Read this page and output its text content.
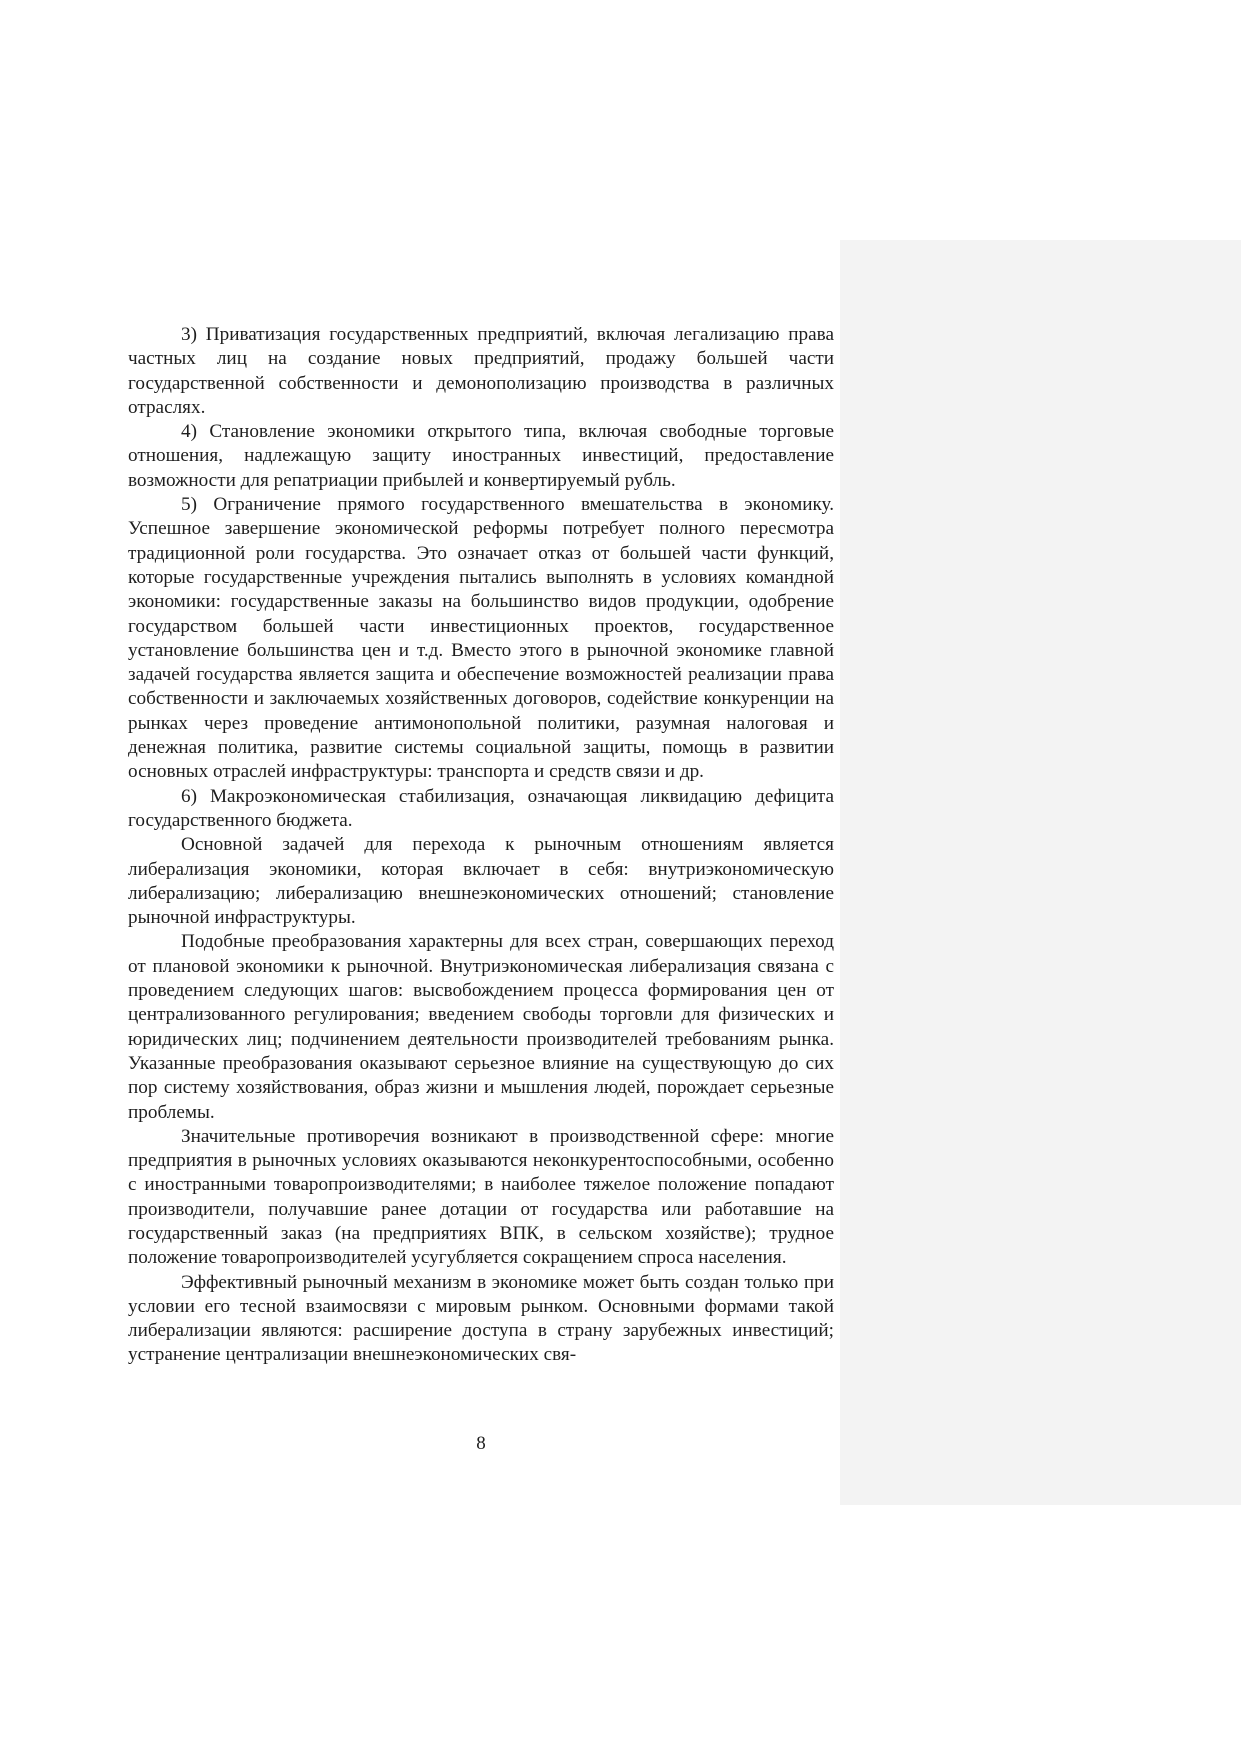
3) Приватизация государственных предприятий, включая легализацию права частных лиц на создание новых предприятий, продажу большей части государственной собственности и демонополизацию производства в различных отраслях.

4) Становление экономики открытого типа, включая свободные торговые отношения, надлежащую защиту иностранных инвестиций, предоставление возможности для репатриации прибылей и конвертируемый рубль.

5) Ограничение прямого государственного вмешательства в экономику. Успешное завершение экономической реформы потребует полного пересмотра традиционной роли государства. Это означает отказ от большей части функций, которые государственные учреждения пытались выполнять в условиях командной экономики: государственные заказы на большинство видов продукции, одобрение государством большей части инвестиционных проектов, государственное установление большинства цен и т.д. Вместо этого в рыночной экономике главной задачей государства является защита и обеспечение возможностей реализации права собственности и заключаемых хозяйственных договоров, содействие конкуренции на рынках через проведение антимонопольной политики, разумная налоговая и денежная политика, развитие системы социальной защиты, помощь в развитии основных отраслей инфраструктуры: транспорта и средств связи и др.

6) Макроэкономическая стабилизация, означающая ликвидацию дефицита государственного бюджета.

Основной задачей для перехода к рыночным отношениям является либерализация экономики, которая включает в себя: внутриэкономическую либерализацию; либерализацию внешнеэкономических отношений; становление рыночной инфраструктуры.

Подобные преобразования характерны для всех стран, совершающих переход от плановой экономики к рыночной. Внутриэкономическая либерализация связана с проведением следующих шагов: высвобождением процесса формирования цен от централизованного регулирования; введением свободы торговли для физических и юридических лиц; подчинением деятельности производителей требованиям рынка. Указанные преобразования оказывают серьезное влияние на существующую до сих пор систему хозяйствования, образ жизни и мышления людей, порождает серьезные проблемы.

Значительные противоречия возникают в производственной сфере: многие предприятия в рыночных условиях оказываются неконкурентоспособными, особенно с иностранными товаропроизводителями; в наиболее тяжелое положение попадают производители, получавшие ранее дотации от государства или работавшие на государственный заказ (на предприятиях ВПК, в сельском хозяйстве); трудное положение товаропроизводителей усугубляется сокращением спроса населения.

Эффективный рыночный механизм в экономике может быть создан только при условии его тесной взаимосвязи с мировым рынком. Основными формами такой либерализации являются: расширение доступа в страну зарубежных инвестиций; устранение централизации внешнеэкономических свя-

8
